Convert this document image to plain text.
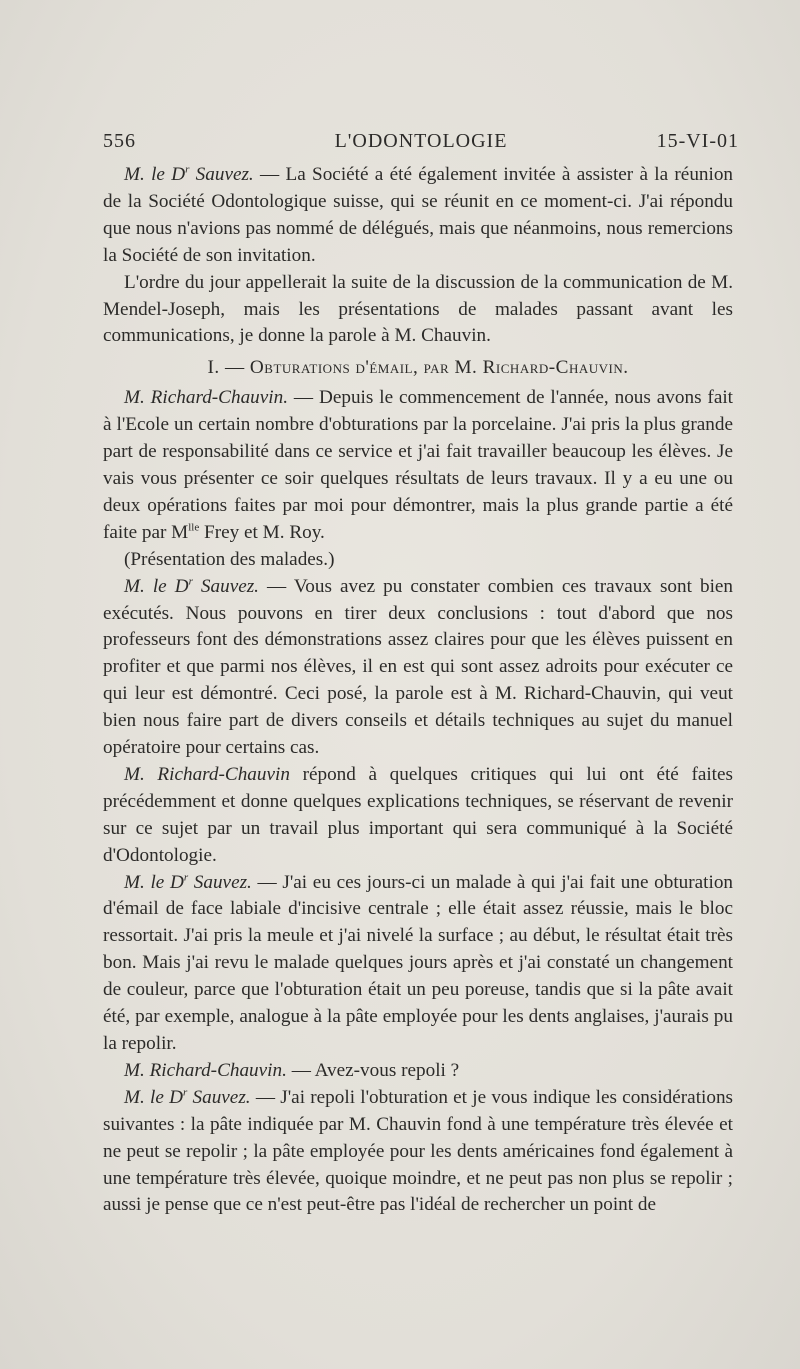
556	L'ODONTOLOGIE	15-VI-01

M. le $D^r$ Sauvez. — La Société a été également invitée à assister à la réunion de la Société Odontologique suisse, qui se réunit en ce moment-ci. J'ai répondu que nous n'avions pas nommé de délégués, mais que néanmoins, nous remercions la Société de son invitation.

L'ordre du jour appellerait la suite de la discussion de la communication de M. Mendel-Joseph, mais les présentations de malades passant avant les communications, je donne la parole à M. Chauvin.

I. — Obturations d'émail, par M. Richard-Chauvin.

M. Richard-Chauvin. — Depuis le commencement de l'année, nous avons fait à l'Ecole un certain nombre d'obturations par la porcelaine. J'ai pris la plus grande part de responsabilité dans ce service et j'ai fait travailler beaucoup les élèves. Je vais vous présenter ce soir quelques résultats de leurs travaux. Il y a eu une ou deux opérations faites par moi pour démontrer, mais la plus grande partie a été faite par $M^{lle}$ Frey et M. Roy.

(Présentation des malades.)

M. le $D^r$ Sauvez. — Vous avez pu constater combien ces travaux sont bien exécutés. Nous pouvons en tirer deux conclusions : tout d'abord que nos professeurs font des démonstrations assez claires pour que les élèves puissent en profiter et que parmi nos élèves, il en est qui sont assez adroits pour exécuter ce qui leur est démontré. Ceci posé, la parole est à M. Richard-Chauvin, qui veut bien nous faire part de divers conseils et détails techniques au sujet du manuel opératoire pour certains cas.

M. Richard-Chauvin répond à quelques critiques qui lui ont été faites précédemment et donne quelques explications techniques, se réservant de revenir sur ce sujet par un travail plus important qui sera communiqué à la Société d'Odontologie.

M. le $D^r$ Sauvez. — J'ai eu ces jours-ci un malade à qui j'ai fait une obturation d'émail de face labiale d'incisive centrale ; elle était assez réussie, mais le bloc ressortait. J'ai pris la meule et j'ai nivelé la surface ; au début, le résultat était très bon. Mais j'ai revu le malade quelques jours après et j'ai constaté un changement de couleur, parce que l'obturation était un peu poreuse, tandis que si la pâte avait été, par exemple, analogue à la pâte employée pour les dents anglaises, j'aurais pu la repolir.

M. Richard-Chauvin. — Avez-vous repoli ?

M. le $D^r$ Sauvez. — J'ai repoli l'obturation et je vous indique les considérations suivantes : la pâte indiquée par M. Chauvin fond à une température très élevée et ne peut se repolir ; la pâte employée pour les dents américaines fond également à une température très élevée, quoique moindre, et ne peut pas non plus se repolir ; aussi je pense que ce n'est peut-être pas l'idéal de rechercher un point de
